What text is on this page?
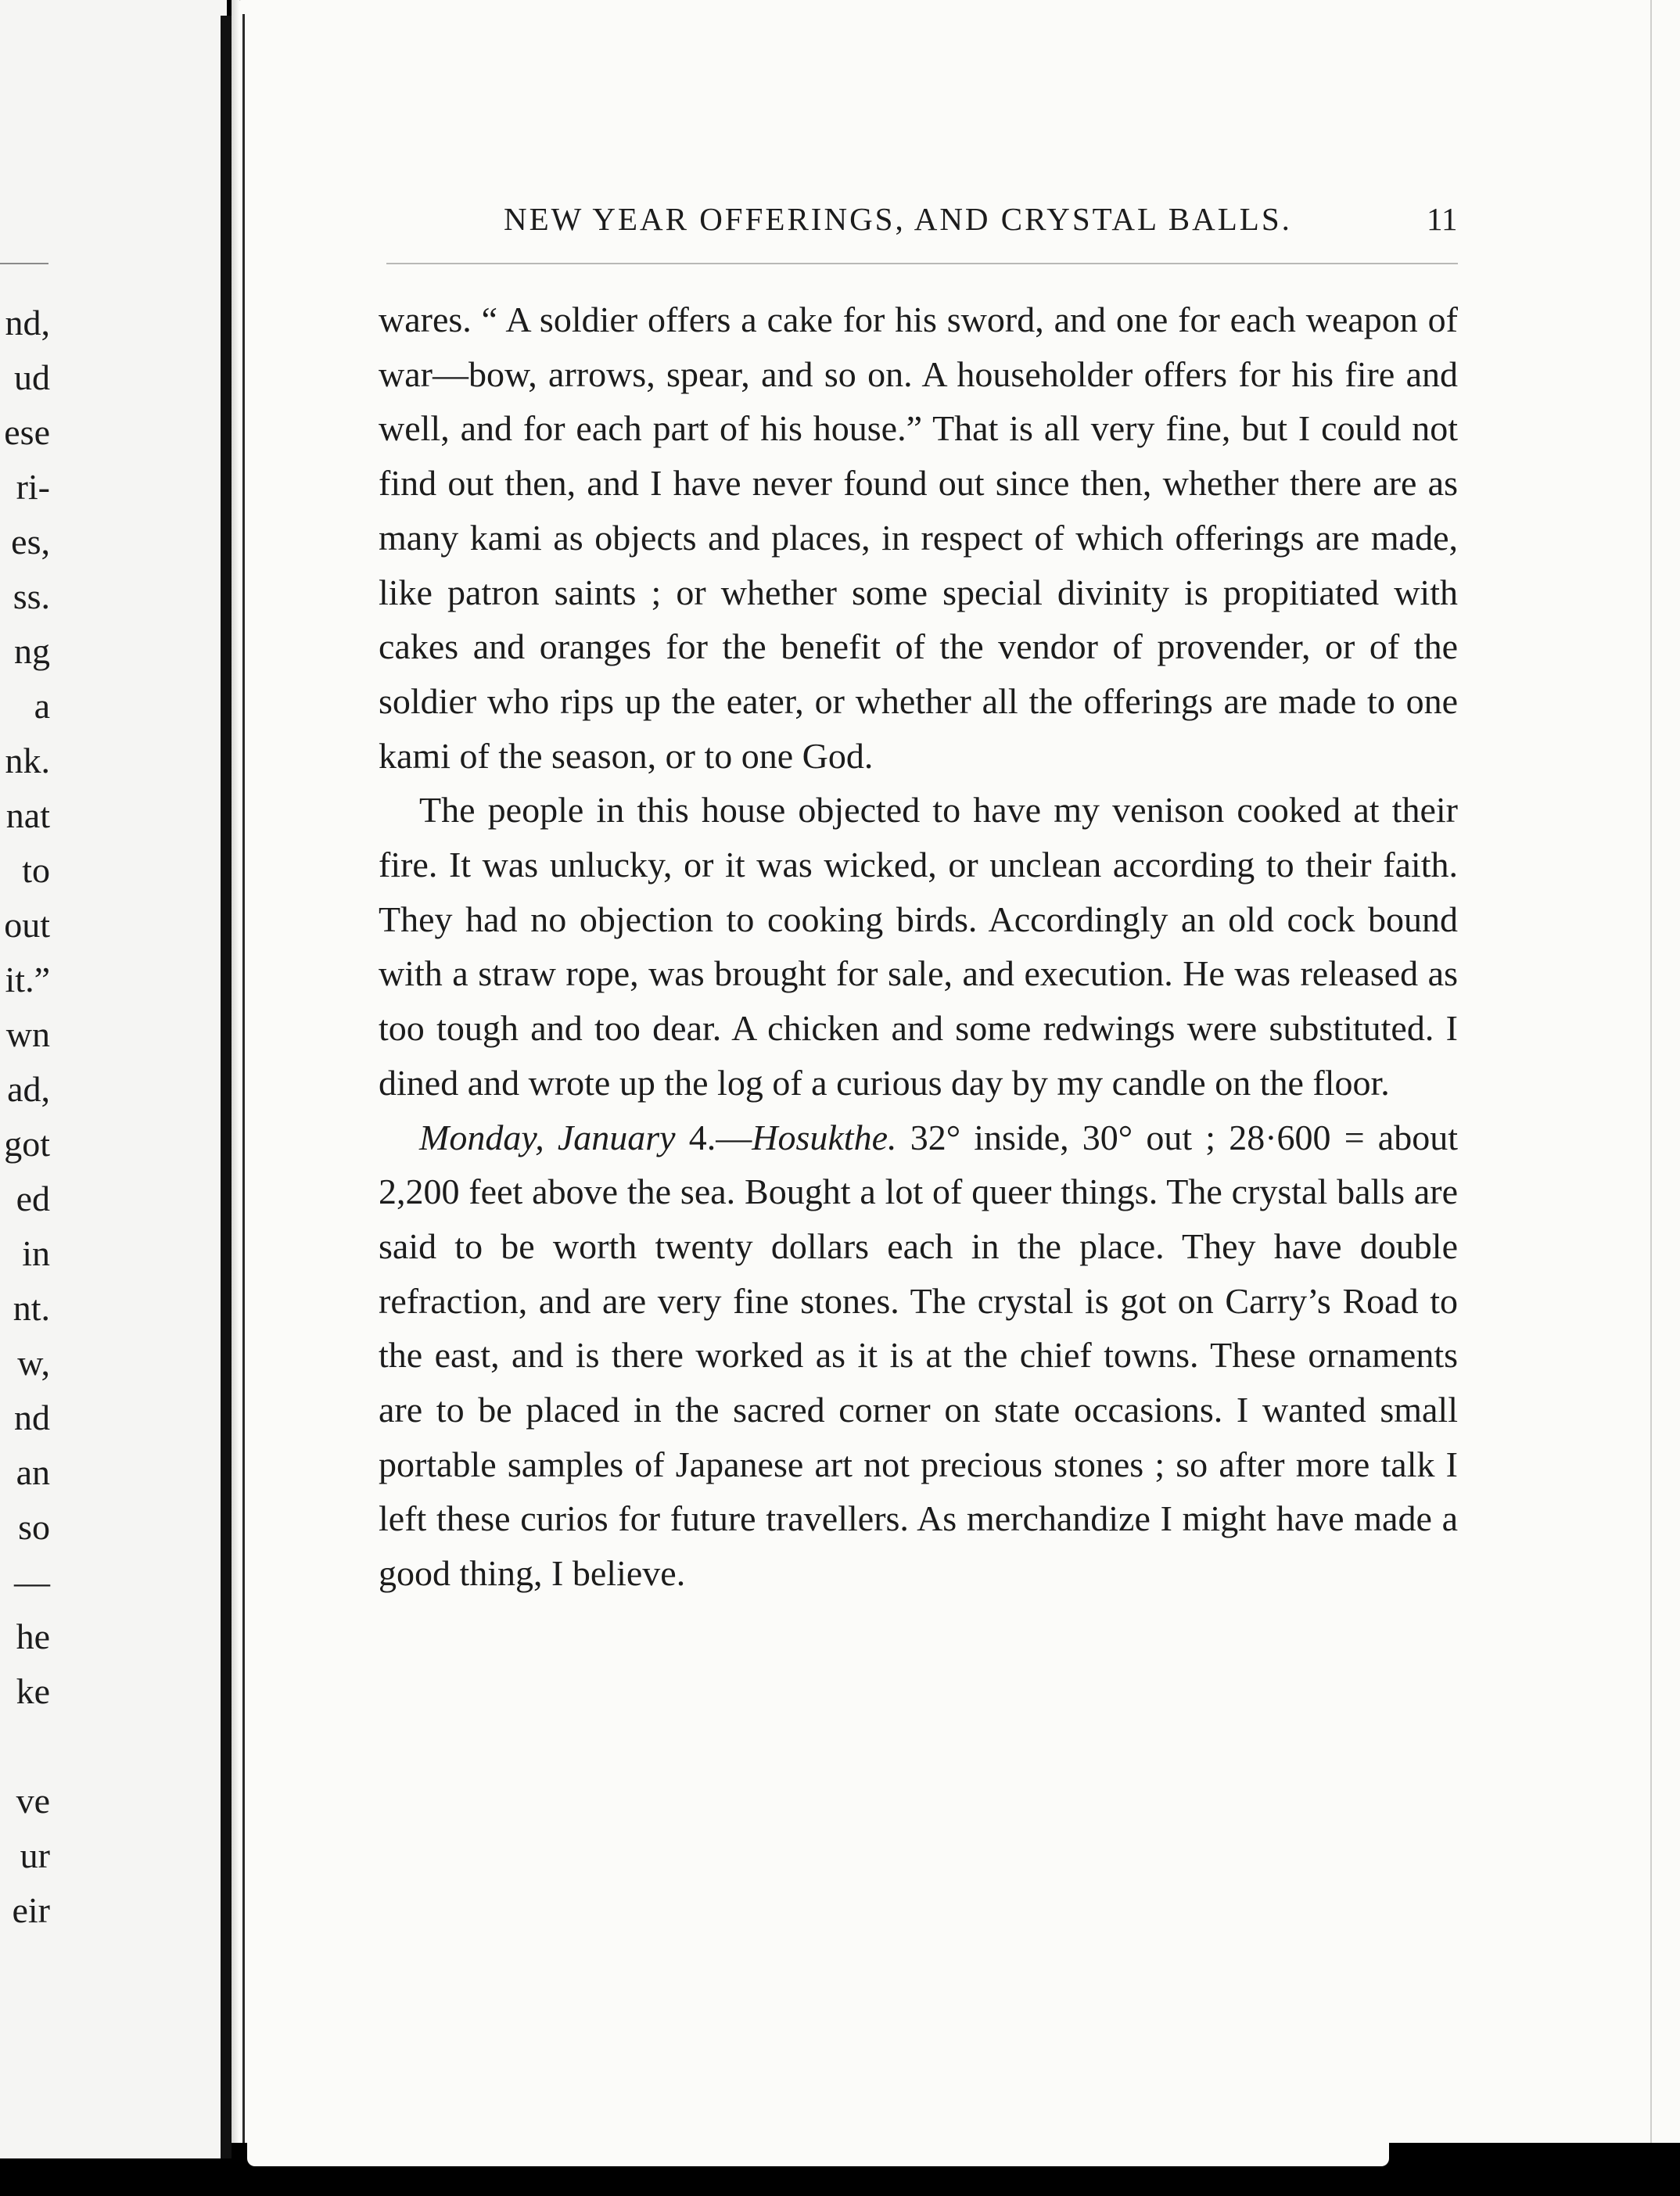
nd,
ud
ese
ri-
es,
ss.
ng
a
nk.
nat
to
out
it.”
wn
ad,
got
ed
in
nt.
w,
nd
an
so
—
he
ke
ve
ur
eir
NEW YEAR OFFERINGS, AND CRYSTAL BALLS.	11

wares. “ A soldier offers a cake for his sword, and one for each weapon of war—bow, arrows, spear, and so on. A householder offers for his fire and well, and for each part of his house.” That is all very fine, but I could not find out then, and I have never found out since then, whether there are as many kami as objects and places, in respect of which offerings are made, like patron saints ; or whether some special divinity is propitiated with cakes and oranges for the benefit of the vendor of provender, or of the soldier who rips up the eater, or whether all the offerings are made to one kami of the season, or to one God.

The people in this house objected to have my venison cooked at their fire. It was unlucky, or it was wicked, or unclean according to their faith. They had no objection to cooking birds. Accordingly an old cock bound with a straw rope, was brought for sale, and execution. He was released as too tough and too dear. A chicken and some redwings were substituted. I dined and wrote up the log of a curious day by my candle on the floor.

Monday, January 4.—Hosukthe. 32° inside, 30° out ; 28·600 = about 2,200 feet above the sea. Bought a lot of queer things. The crystal balls are said to be worth twenty dollars each in the place. They have double refraction, and are very fine stones. The crystal is got on Carry’s Road to the east, and is there worked as it is at the chief towns. These ornaments are to be placed in the sacred corner on state occasions. I wanted small portable samples of Japanese art not precious stones ; so after more talk I left these curios for future travellers. As merchandize I might have made a good thing, I believe.
